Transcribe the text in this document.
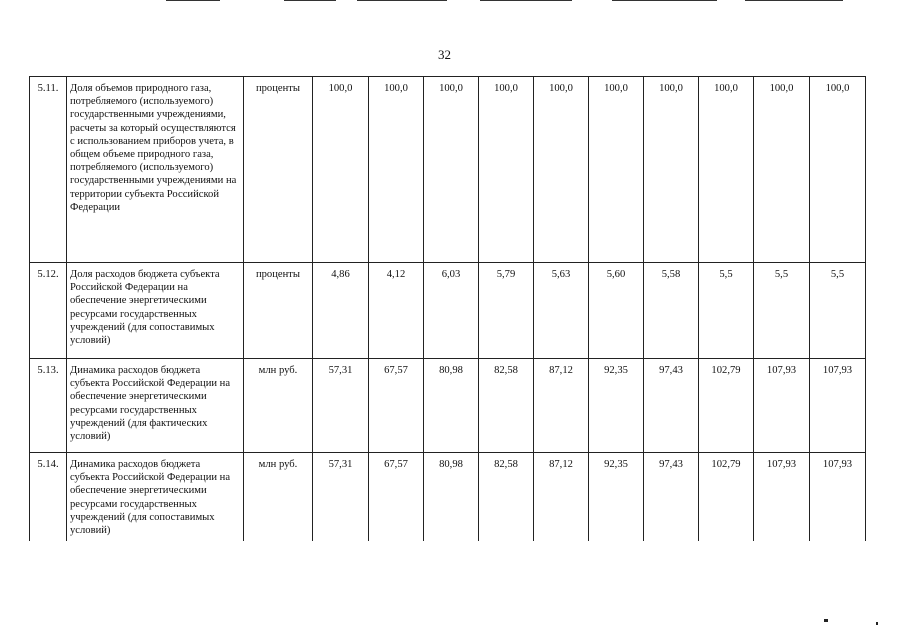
32
5.11.	Доля объемов природного газа, потребляемого (используемого) государственными учреждениями, расчеты за который осуществляются с использованием приборов учета, в общем объеме природного газа, потребляемого (используемого) государственными учреждениями на территории субъекта Российской Федерации	проценты	100,0	100,0	100,0	100,0	100,0	100,0	100,0	100,0	100,0	100,0
5.12.	Доля расходов бюджета субъекта Российской Федерации на обеспечение энергетическими ресурсами государственных учреждений (для сопоставимых условий)	проценты	4,86	4,12	6,03	5,79	5,63	5,60	5,58	5,5	5,5	5,5
5.13.	Динамика расходов бюджета субъекта Российской Федерации на обеспечение энергетическими ресурсами государственных учреждений (для фактических условий)	млн руб.	57,31	67,57	80,98	82,58	87,12	92,35	97,43	102,79	107,93	107,93
5.14.	Динамика расходов бюджета субъекта Российской Федерации на обеспечение энергетическими ресурсами государственных учреждений (для сопоставимых условий)	млн руб.	57,31	67,57	80,98	82,58	87,12	92,35	97,43	102,79	107,93	107,93
